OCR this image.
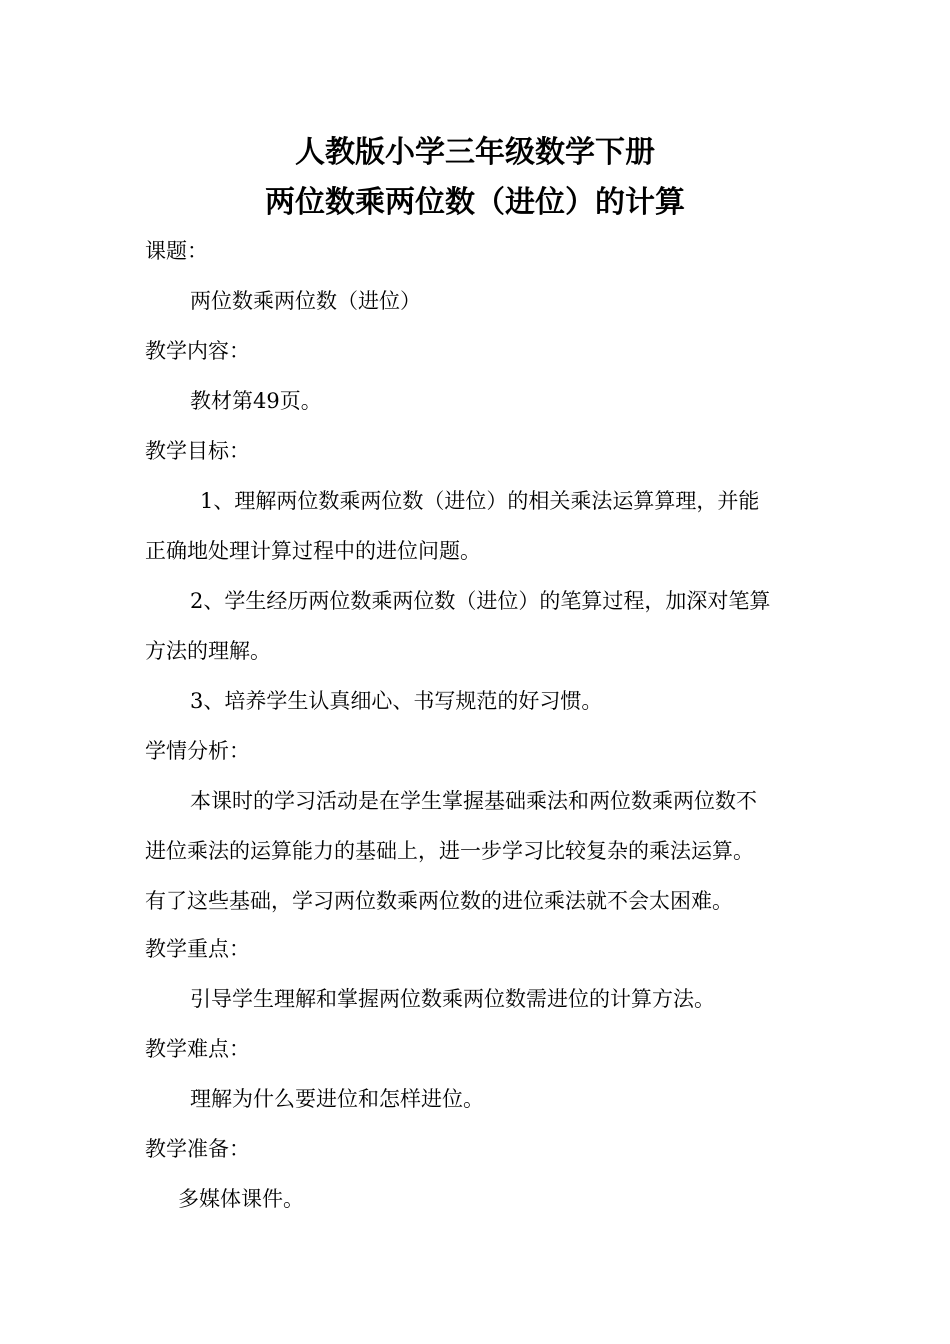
人教版小学三年级数学下册
两位数乘两位数（进位）的计算
课题：
两位数乘两位数（进位）
教学内容：
教材第49页。
教学目标：
1、理解两位数乘两位数（进位）的相关乘法运算算理，并能
正确地处理计算过程中的进位问题。
2、学生经历两位数乘两位数（进位）的笔算过程，加深对笔算
方法的理解。
3、培养学生认真细心、书写规范的好习惯。
学情分析：
本课时的学习活动是在学生掌握基础乘法和两位数乘两位数不
进位乘法的运算能力的基础上，进一步学习比较复杂的乘法运算。
有了这些基础，学习两位数乘两位数的进位乘法就不会太困难。
教学重点：
引导学生理解和掌握两位数乘两位数需进位的计算方法。
教学难点：
理解为什么要进位和怎样进位。
教学准备：
多媒体课件。
